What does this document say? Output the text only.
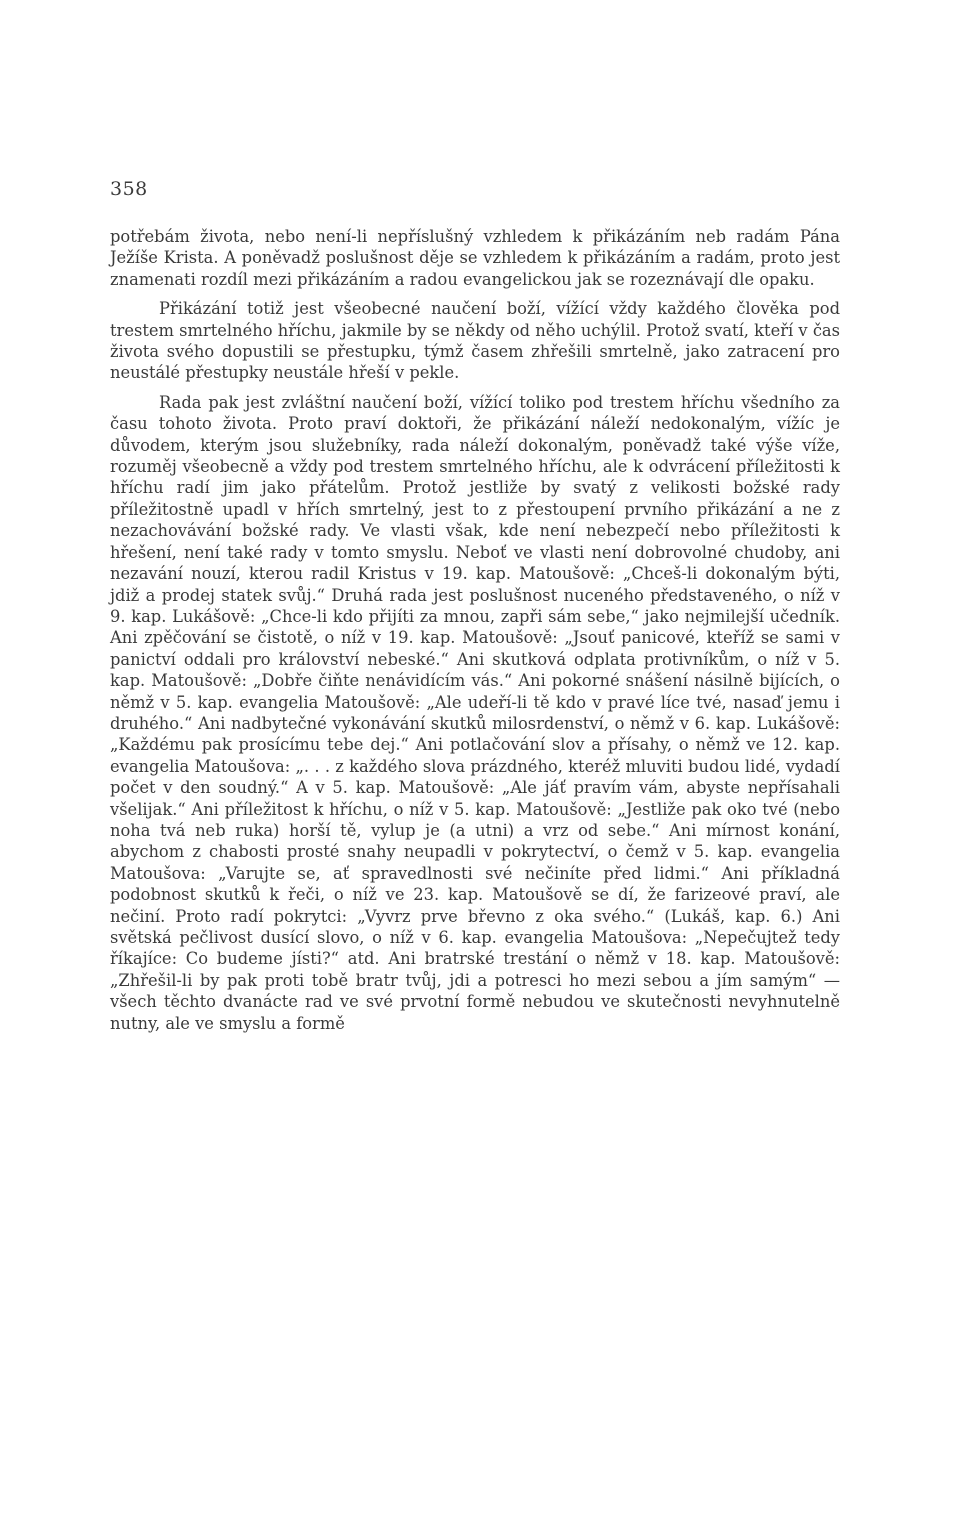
358

potřebám života, nebo není-li nepříslušný vzhledem k přikázáním neb radám Pána Ježíše Krista. A poněvadž poslušnost děje se vzhledem k přikázáním a radám, proto jest znamenati rozdíl mezi přikázáním a radou evangelickou jak se rozeznávají dle opaku.

Přikázání totiž jest všeobecné naučení boží, vížící vždy každého člověka pod trestem smrtelného hříchu, jakmile by se někdy od něho uchýlil. Protož svatí, kteří v čas života svého dopustili se přestupku, týmž časem zhřešili smrtelně, jako zatracení pro neustálé přestupky neustále hřeší v pekle.

Rada pak jest zvláštní naučení boží, vížící toliko pod trestem hříchu všedního za času tohoto života. Proto praví doktoři, že přikázání náleží nedokonalým, vížíc je důvodem, kterým jsou služebníky, rada náleží dokonalým, poněvadž také výše víže, rozuměj všeobecně a vždy pod trestem smrtelného hříchu, ale k odvrácení příležitosti k hříchu radí jim jako přátelům. Protož jestliže by svatý z velikosti božské rady příležitostně upadl v hřích smrtelný, jest to z přestoupení prvního přikázání a ne z nezachovávání božské rady. Ve vlasti však, kde není nebezpečí nebo příležitosti k hřešení, není také rady v tomto smyslu. Neboť ve vlasti není dobrovolné chudoby, ani nezavání nouzí, kterou radil Kristus v 19. kap. Matoušově: „Chceš-li dokonalým býti, jdiž a prodej statek svůj.“ Druhá rada jest poslušnost nuceného představeného, o níž v 9. kap. Lukášově: „Chce-li kdo přijíti za mnou, zapři sám sebe,“ jako nejmilejší učedník. Ani zpěčování se čistotě, o níž v 19. kap. Matoušově: „Jsouť panicové, kteříž se sami v panictví oddali pro království nebeské.“ Ani skutková odplata protivníkům, o níž v 5. kap. Matoušově: „Dobře čiňte nenávidícím vás.“ Ani pokorné snášení násilně bijících, o němž v 5. kap. evangelia Matoušově: „Ale udeří-li tě kdo v pravé líce tvé, nasaď jemu i druhého.“ Ani nadbytečné vykonávání skutků milosrdenství, o němž v 6. kap. Lukášově: „Každému pak prosícímu tebe dej.“ Ani potlačování slov a přísahy, o němž ve 12. kap. evangelia Matoušova: „. . . z každého slova prázdného, kteréž mluviti budou lidé, vydadí počet v den soudný.“ A v 5. kap. Matoušově: „Ale jáť pravím vám, abyste nepřísahali všelijak.“ Ani příležitost k hříchu, o níž v 5. kap. Matoušově: „Jestliže pak oko tvé (nebo noha tvá neb ruka) horší tě, vylup je (a utni) a vrz od sebe.“ Ani mírnost konání, abychom z chabosti prosté snahy neupadli v pokrytectví, o čemž v 5. kap. evangelia Matoušova: „Varujte se, ať spravedlnosti své nečiníte před lidmi.“ Ani příkladná podobnost skutků k řeči, o níž ve 23. kap. Matoušově se dí, že farizeové praví, ale nečiní. Proto radí pokrytci: „Vyvrz prve břevno z oka svého.“ (Lukáš, kap. 6.) Ani světská pečlivost dusící slovo, o níž v 6. kap. evangelia Matoušova: „Nepečujtež tedy říkajíce: Co budeme jísti?“ atd. Ani bratrské trestání o němž v 18. kap. Matoušově: „Zhřešil-li by pak proti tobě bratr tvůj, jdi a potresci ho mezi sebou a jím samým“ — všech těchto dvanácte rad ve své prvotní formě nebudou ve skutečnosti nevyhnutelně nutny, ale ve smyslu a formě
